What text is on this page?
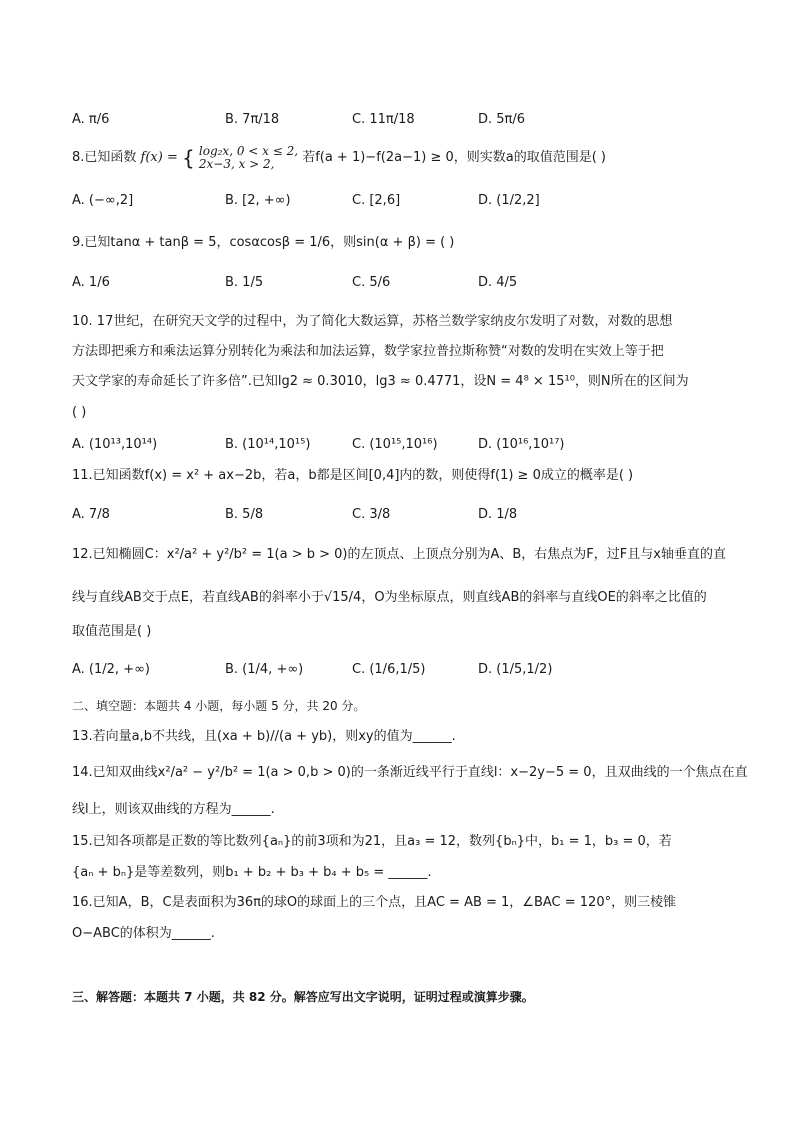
A. π/6	B. 7π/18	C. 11π/18	D. 5π/6
8.已知函数 f(x) = { log₂x, 0 < x ≤ 2,
2x−3, x > 2,	若f(a + 1)−f(2a−1) ≥ 0，则实数a的取值范围是( )
A. (−∞,2]	B. [2, +∞)	C. [2,6]	D. (1/2,2]
9.已知tanα + tanβ = 5，cosαcosβ = 1/6，则sin(α + β) = ( )
A. 1/6	B. 1/5	C. 5/6	D. 4/5
10. 17世纪，在研究天文学的过程中，为了简化大数运算，苏格兰数学家纳皮尔发明了对数，对数的思想
方法即把乘方和乘法运算分别转化为乘法和加法运算，数学家拉普拉斯称赞“对数的发明在实效上等于把
天文学家的寿命延长了许多倍”.已知lg2 ≈ 0.3010，lg3 ≈ 0.4771，设N = 4⁸ × 15¹⁰，则N所在的区间为
( )
A. (10¹³,10¹⁴)	B. (10¹⁴,10¹⁵)	C. (10¹⁵,10¹⁶)	D. (10¹⁶,10¹⁷)
11.已知函数f(x) = x² + ax−2b，若a，b都是区间[0,4]内的数，则使得f(1) ≥ 0成立的概率是( )
A. 7/8	B. 5/8	C. 3/8	D. 1/8
12.已知椭圆C：x²/a² + y²/b² = 1(a > b > 0)的左顶点、上顶点分别为A、B，右焦点为F，过F且与x轴垂直的直
线与直线AB交于点E，若直线AB的斜率小于√15/4，O为坐标原点，则直线AB的斜率与直线OE的斜率之比值的
取值范围是( )
A. (1/2, +∞)	B. (1/4, +∞)	C. (1/6,1/5)	D. (1/5,1/2)
二、填空题：本题共 4 小题，每小题 5 分，共 20 分。
13.若向量a,b不共线，且(xa + b)//(a + yb)，则xy的值为______.
14.已知双曲线x²/a² − y²/b² = 1(a > 0,b > 0)的一条渐近线平行于直线l：x−2y−5 = 0，且双曲线的一个焦点在直
线l上，则该双曲线的方程为______.
15.已知各项都是正数的等比数列{aₙ}的前3项和为21，且a₃ = 12，数列{bₙ}中，b₁ = 1，b₃ = 0，若
{aₙ + bₙ}是等差数列，则b₁ + b₂ + b₃ + b₄ + b₅ = ______.
16.已知A，B，C是表面积为36π的球O的球面上的三个点，且AC = AB = 1，∠BAC = 120°，则三棱锥
O−ABC的体积为______.
三、解答题：本题共 7 小题，共 82 分。解答应写出文字说明，证明过程或演算步骤。
